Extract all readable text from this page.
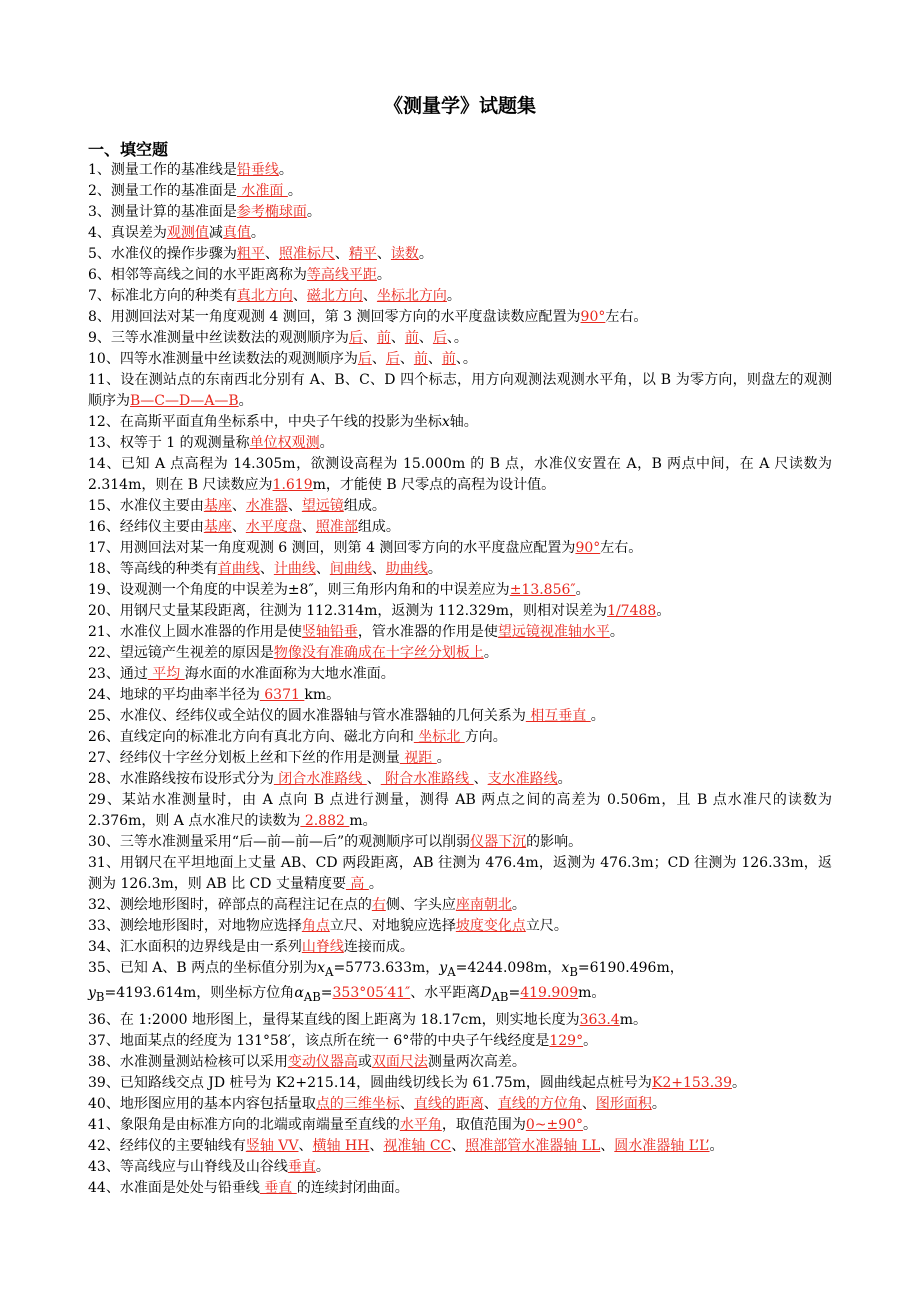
《测量学》试题集
一、填空题
1、测量工作的基准线是铅垂线。
2、测量工作的基准面是 水准面 。
3、测量计算的基准面是参考椭球面。
4、真误差为观测值减真值。
5、水准仪的操作步骤为粗平、照准标尺、精平、读数。
6、相邻等高线之间的水平距离称为等高线平距。
7、标准北方向的种类有真北方向、磁北方向、坐标北方向。
8、用测回法对某一角度观测 4 测回，第 3 测回零方向的水平度盘读数应配置为90°左右。
9、三等水准测量中丝读数法的观测顺序为后、前、前、后、。
10、四等水准测量中丝读数法的观测顺序为后、后、前、前、。
11、设在测站点的东南西北分别有 A、B、C、D 四个标志，用方向观测法观测水平角，以 B 为零方向，则盘左的观测顺序为B—C—D—A—B。
12、在高斯平面直角坐标系中，中央子午线的投影为坐标x轴。
13、权等于 1 的观测量称单位权观测。
14、已知 A 点高程为 14.305m，欲测设高程为 15.000m 的 B 点，水准仪安置在 A，B 两点中间，在 A 尺读数为 2.314m，则在 B 尺读数应为1.619m，才能使 B 尺零点的高程为设计值。
15、水准仪主要由基座、水准器、望远镜组成。
16、经纬仪主要由基座、水平度盘、照准部组成。
17、用测回法对某一角度观测 6 测回，则第 4 测回零方向的水平度盘应配置为90°左右。
18、等高线的种类有首曲线、计曲线、间曲线、助曲线。
19、设观测一个角度的中误差为±8″，则三角形内角和的中误差应为±13.856″。
20、用钢尺丈量某段距离，往测为 112.314m，返测为 112.329m，则相对误差为1/7488。
21、水准仪上圆水准器的作用是使竖轴铅垂，管水准器的作用是使望远镜视准轴水平。
22、望远镜产生视差的原因是物像没有准确成在十字丝分划板上。
23、通过 平均 海水面的水准面称为大地水准面。
24、地球的平均曲率半径为 6371 km。
25、水准仪、经纬仪或全站仪的圆水准器轴与管水准器轴的几何关系为 相互垂直 。
26、直线定向的标准北方向有真北方向、磁北方向和 坐标北 方向。
27、经纬仪十字丝分划板上丝和下丝的作用是测量 视距 。
28、水准路线按布设形式分为 闭合水准路线 、 附合水准路线 、支水准路线。
29、某站水准测量时，由 A 点向 B 点进行测量，测得 AB 两点之间的高差为 0.506m，且 B 点水准尺的读数为 2.376m，则 A 点水准尺的读数为 2.882 m。
30、三等水准测量采用“后—前—前—后”的观测顺序可以削弱仪器下沉的影响。
31、用钢尺在平坦地面上丈量 AB、CD 两段距离，AB 往测为 476.4m，返测为 476.3m；CD 往测为 126.33m，返测为 126.3m，则 AB 比 CD 丈量精度要 高 。
32、测绘地形图时，碎部点的高程注记在点的右侧、字头应座南朝北。
33、测绘地形图时，对地物应选择角点立尺、对地貌应选择坡度变化点立尺。
34、汇水面积的边界线是由一系列山脊线连接而成。
35、已知 A、B 两点的坐标值分别为$x_A=5773.633m$，$y_A=4244.098m$，$x_B=6190.496m$，
$y_B=4193.614m$，则坐标方位角$\alpha_{AB}=353^\circ 05'41''$、水平距离$D_{AB}=419.909m$。
36、在 1:2000 地形图上，量得某直线的图上距离为 18.17cm，则实地长度为363.4m。
37、地面某点的经度为 131°58′，该点所在统一 6°带的中央子午线经度是129°。
38、水准测量测站检核可以采用变动仪器高或双面尺法测量两次高差。
39、已知路线交点 JD 桩号为 K2+215.14，圆曲线切线长为 61.75m，圆曲线起点桩号为K2+153.39。
40、地形图应用的基本内容包括量取点的三维坐标、直线的距离、直线的方位角、图形面积。
41、象限角是由标准方向的北端或南端量至直线的水平角，取值范围为0~±90°。
42、经纬仪的主要轴线有竖轴 VV、横轴 HH、视准轴 CC、照准部管水准器轴 LL、圆水准器轴 L’L’。
43、等高线应与山脊线及山谷线垂直。
44、水准面是处处与铅垂线 垂直 的连续封闭曲面。
